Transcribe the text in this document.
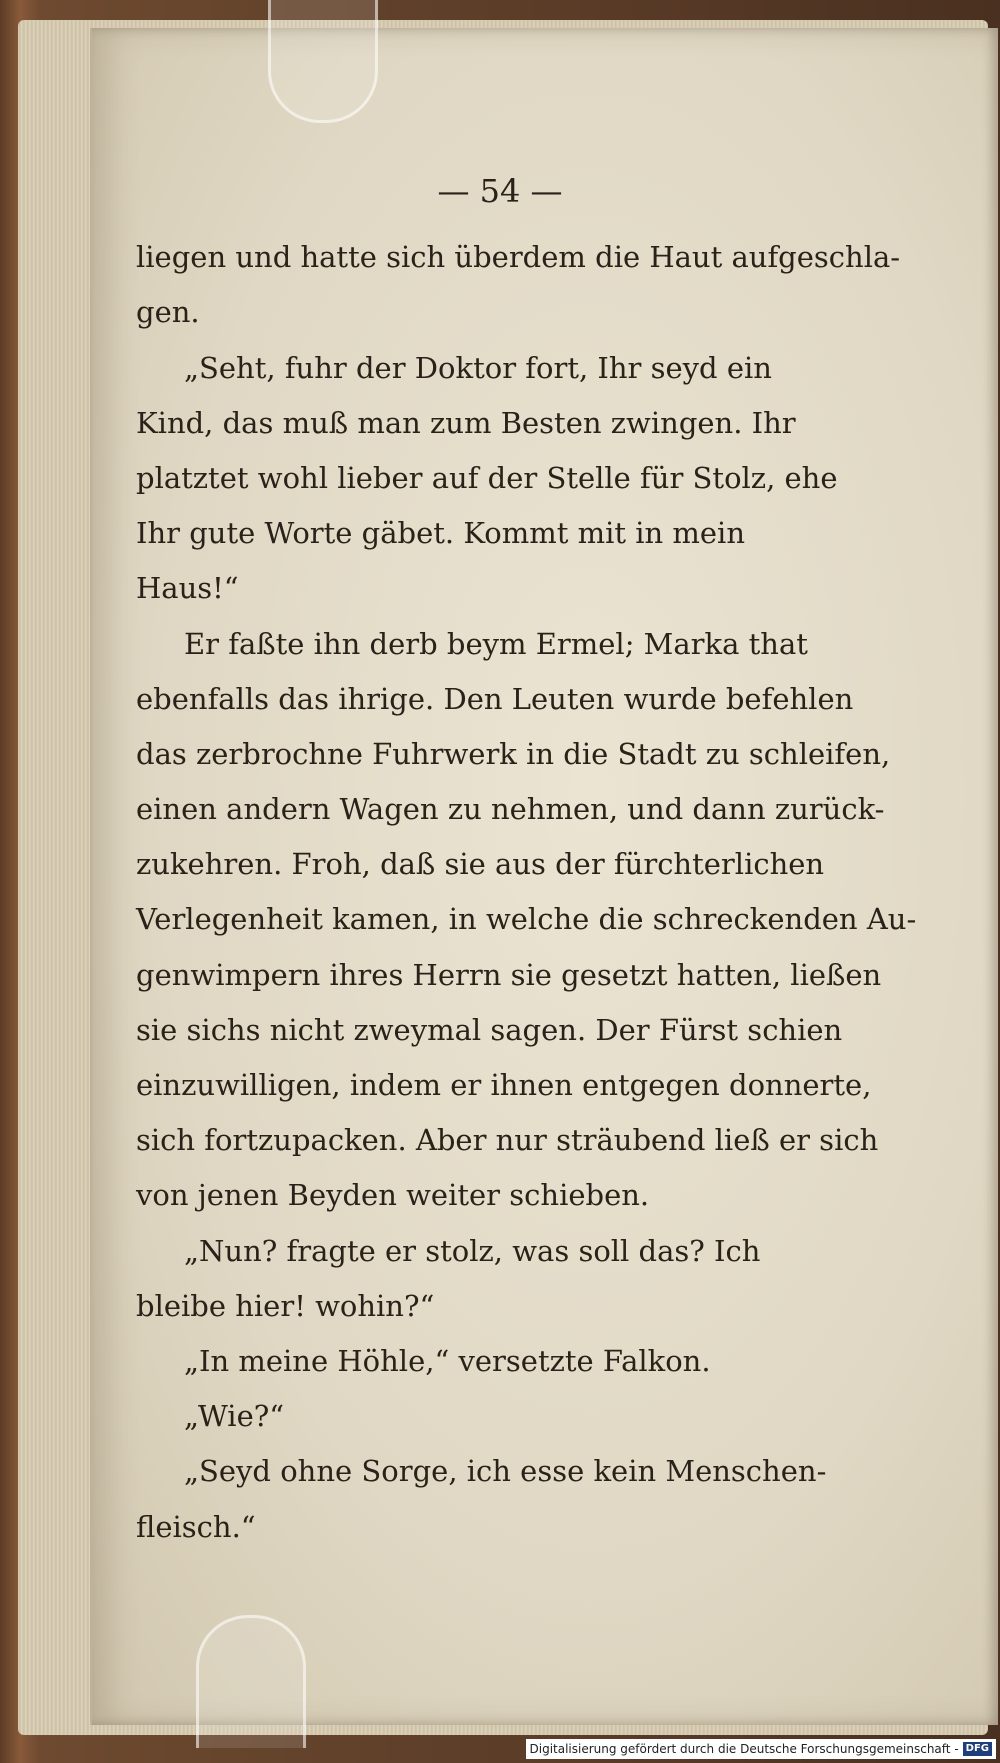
— 54 —
liegen und hatte sich überdem die Haut aufgeschla-
gen.
„Seht, fuhr der Doktor fort, Ihr seyd ein
Kind, das muß man zum Besten zwingen. Ihr
platztet wohl lieber auf der Stelle für Stolz, ehe
Ihr gute Worte gäbet. Kommt mit in mein
Haus!“
Er faßte ihn derb beym Ermel; Marka that
ebenfalls das ihrige. Den Leuten wurde befehlen
das zerbrochne Fuhrwerk in die Stadt zu schleifen,
einen andern Wagen zu nehmen, und dann zurück-
zukehren. Froh, daß sie aus der fürchterlichen
Verlegenheit kamen, in welche die schreckenden Au-
genwimpern ihres Herrn sie gesetzt hatten, ließen
sie sichs nicht zweymal sagen. Der Fürst schien
einzuwilligen, indem er ihnen entgegen donnerte,
sich fortzupacken. Aber nur sträubend ließ er sich
von jenen Beyden weiter schieben.
„Nun? fragte er stolz, was soll das? Ich
bleibe hier! wohin?“
„In meine Höhle,“ versetzte Falkon.
„Wie?“
„Seyd ohne Sorge, ich esse kein Menschen-
fleisch.“
Digitalisierung gefördert durch die Deutsche Forschungsgemeinschaft - DFG
